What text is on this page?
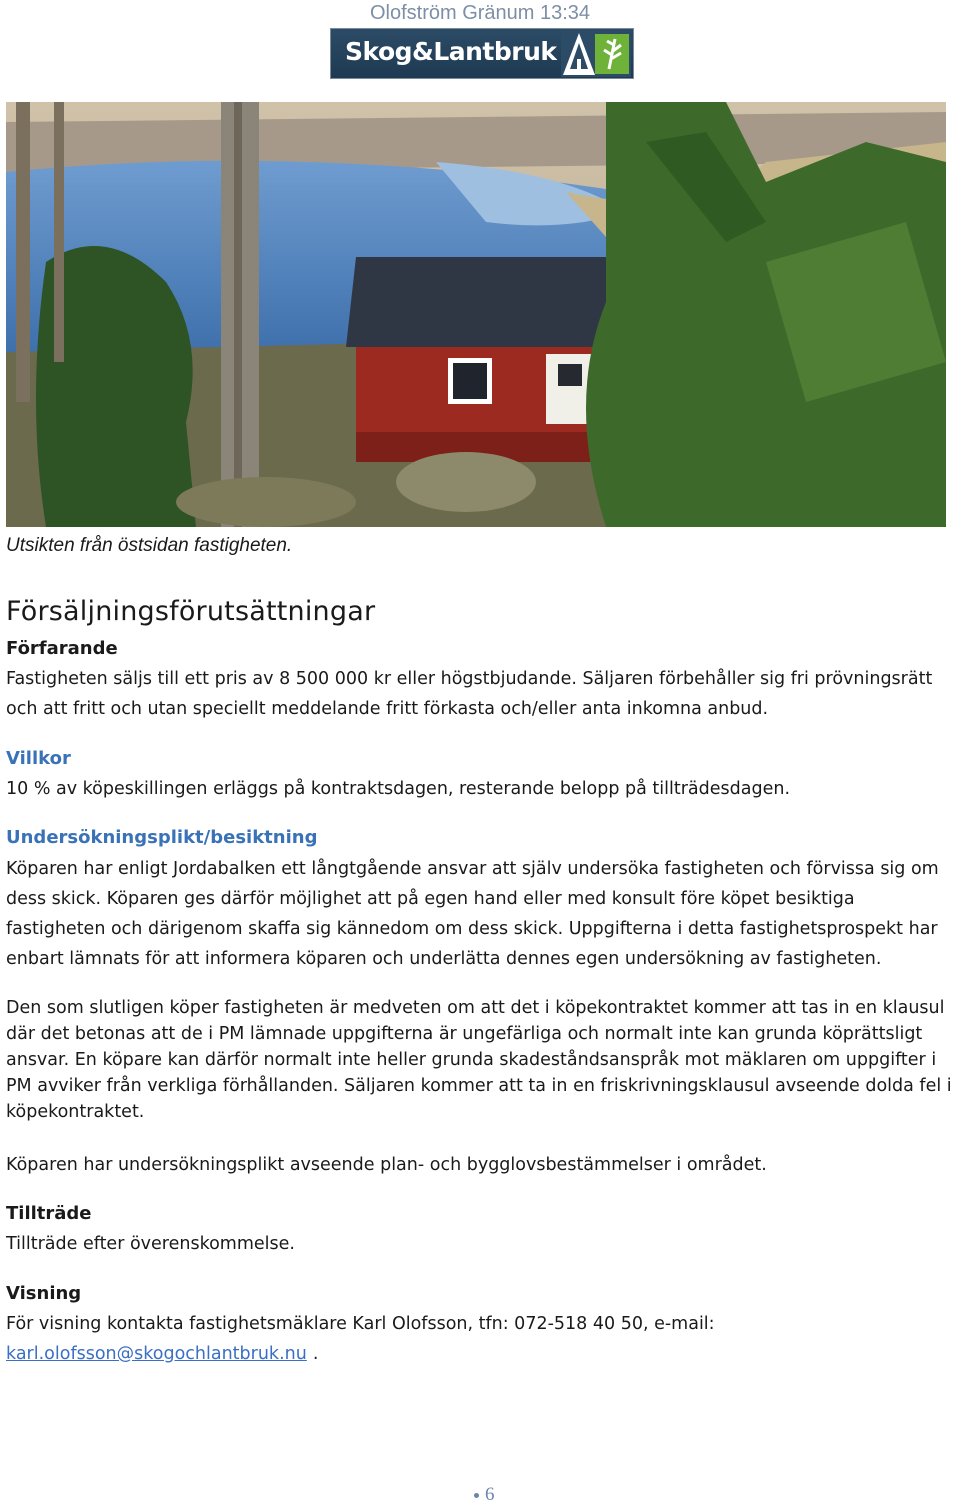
Olofström Gränum 13:34
Skog&Lantbruk
Utsikten från östsidan fastigheten.
Försäljningsförutsättningar
Förfarande
Fastigheten säljs till ett pris av 8 500 000 kr eller högstbjudande. Säljaren förbehåller sig fri prövningsrätt och att fritt och utan speciellt meddelande fritt förkasta och/eller anta inkomna anbud.
Villkor
10 % av köpeskillingen erläggs på kontraktsdagen, resterande belopp på tillträdesdagen.
Undersökningsplikt/besiktning
Köparen har enligt Jordabalken ett långtgående ansvar att själv undersöka fastigheten och förvissa sig om dess skick. Köparen ges därför möjlighet att på egen hand eller med konsult före köpet besiktiga fastigheten och därigenom skaffa sig kännedom om dess skick. Uppgifterna i detta fastighetsprospekt har enbart lämnats för att informera köparen och underlätta dennes egen undersökning av fastigheten.
Den som slutligen köper fastigheten är medveten om att det i köpekontraktet kommer att tas in en klausul där det betonas att de i PM lämnade uppgifterna är ungefärliga och normalt inte kan grunda köprättsligt ansvar. En köpare kan därför normalt inte heller grunda skadeståndsanspråk mot mäklaren om uppgifter i PM avviker från verkliga förhållanden. Säljaren kommer att ta in en friskrivningsklausul avseende dolda fel i köpekontraktet.
Köparen har undersökningsplikt avseende plan- och bygglovsbestämmelser i området.
Tillträde
Tillträde efter överenskommelse.
Visning
För visning kontakta fastighetsmäklare Karl Olofsson, tfn: 072-518 40 50, e-mail:
karl.olofsson@skogochlantbruk.nu .
6
